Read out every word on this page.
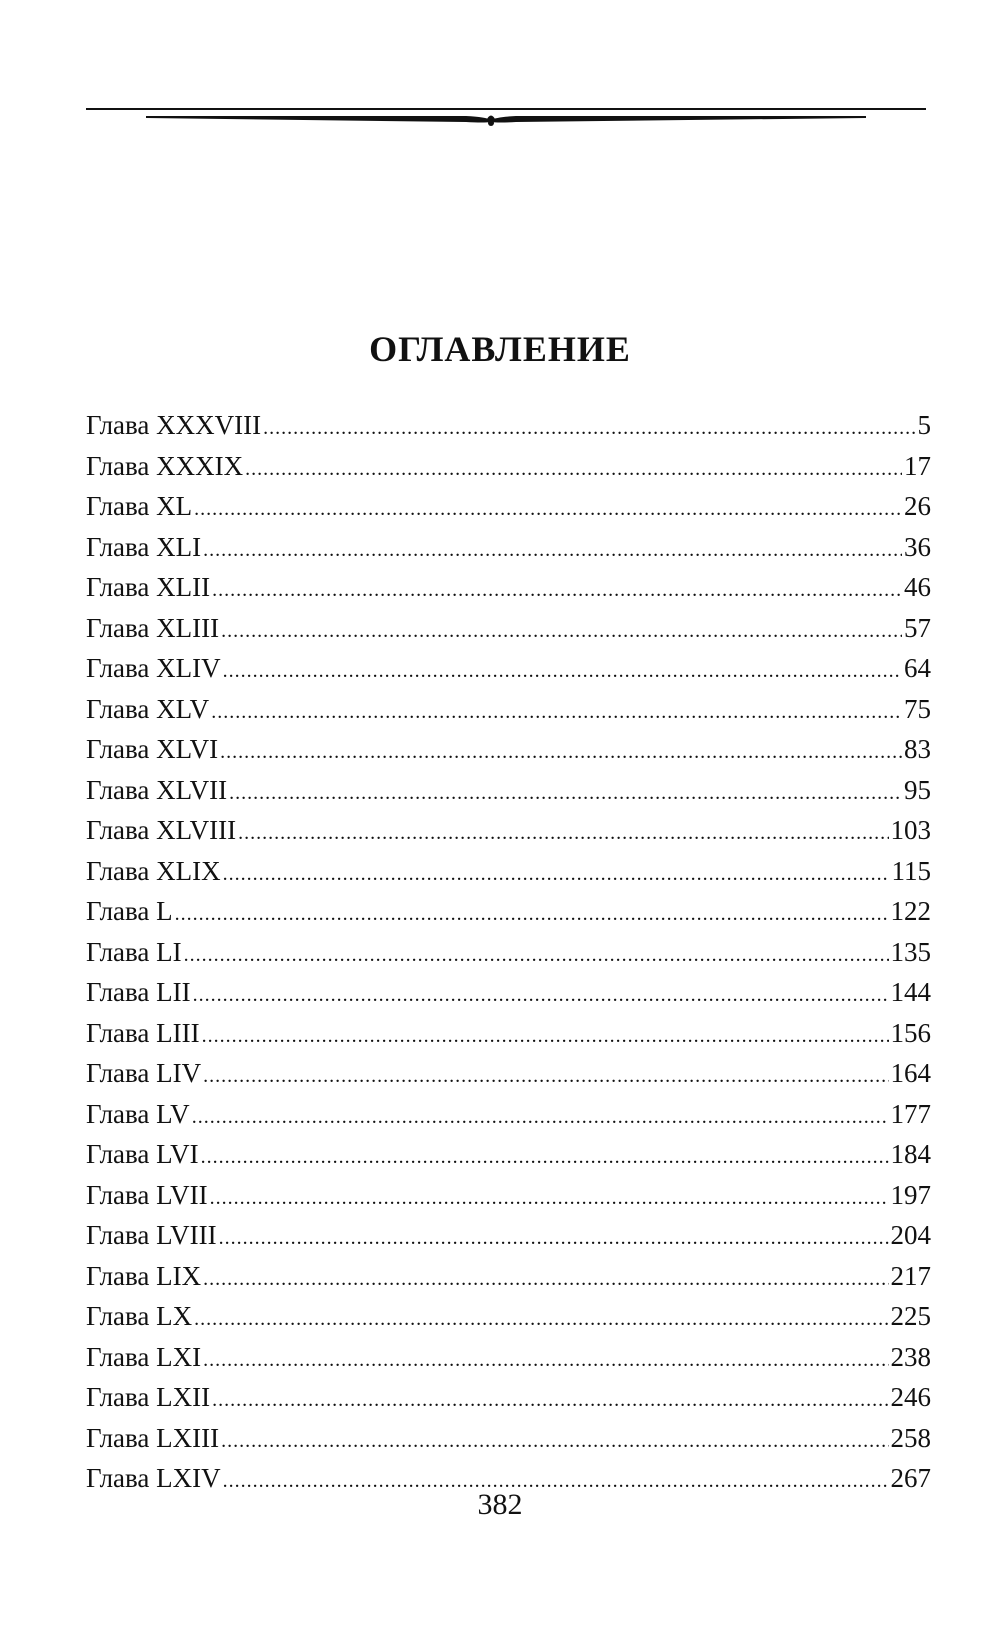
ОГЛАВЛЕНИЕ
Глава XXXVIII .....	5
Глава XXXIX .....	17
Глава XL .....	26
Глава XLI .....	36
Глава XLII .....	46
Глава XLIII .....	57
Глава XLIV .....	64
Глава XLV .....	75
Глава XLVI .....	83
Глава XLVII .....	95
Глава XLVIII .....	103
Глава XLIX .....	115
Глава L .....	122
Глава LI .....	135
Глава LII .....	144
Глава LIII .....	156
Глава LIV .....	164
Глава LV .....	177
Глава LVI .....	184
Глава LVII .....	197
Глава LVIII .....	204
Глава LIX .....	217
Глава LX .....	225
Глава LXI .....	238
Глава LXII .....	246
Глава LXIII .....	258
Глава LXIV .....	267

382
